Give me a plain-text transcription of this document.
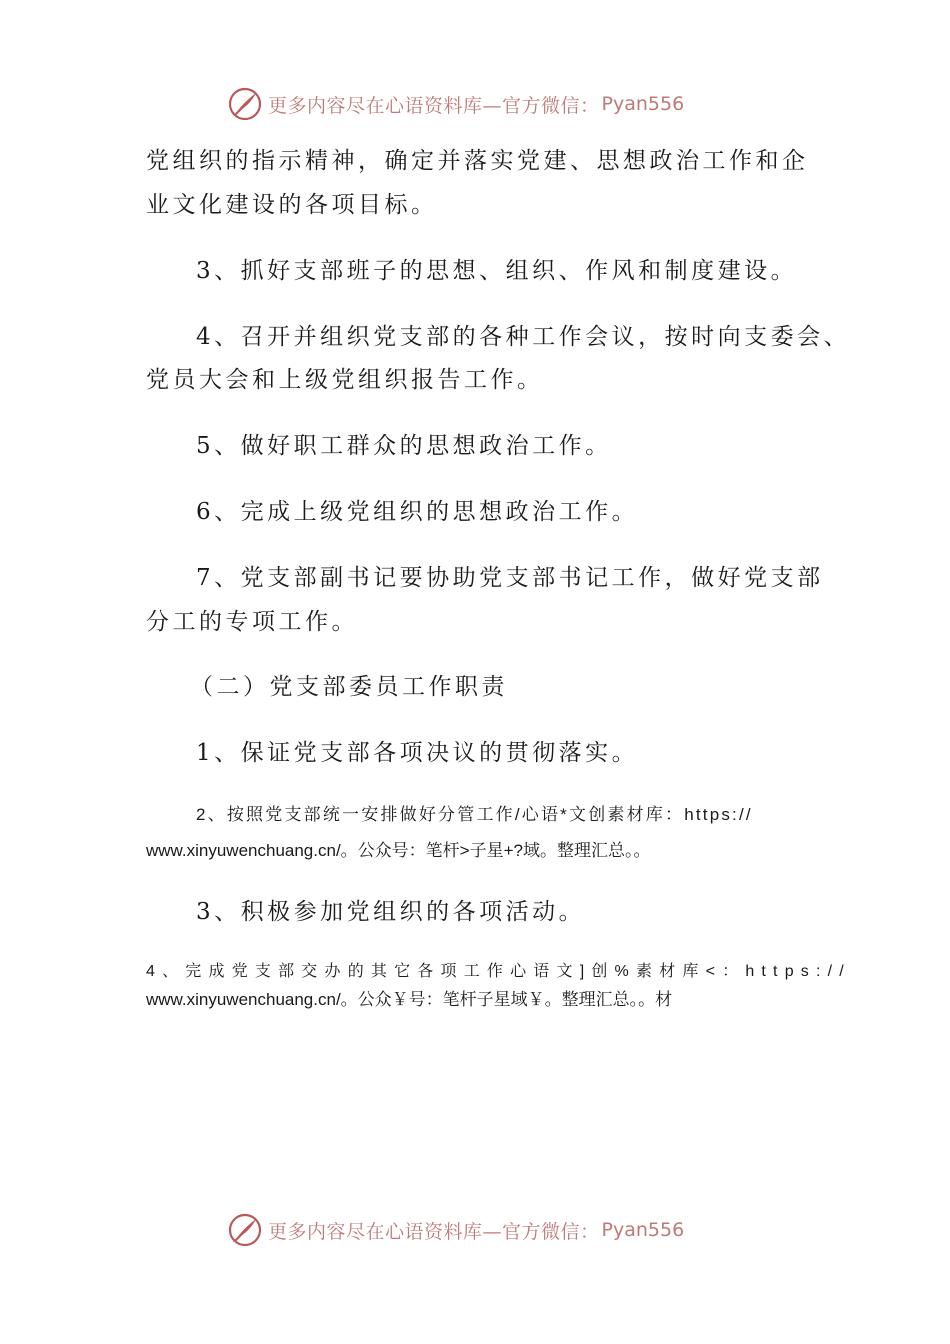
更多内容尽在心语资料库—官方微信： Pyan556
党组织的指示精神，确定并落实党建、思想政治工作和企
业文化建设的各项目标。
3、抓好支部班子的思想、组织、作风和制度建设。
4、召开并组织党支部的各种工作会议，按时向支委会、
党员大会和上级党组织报告工作。
5、做好职工群众的思想政治工作。
6、完成上级党组织的思想政治工作。
7、党支部副书记要协助党支部书记工作，做好党支部
分工的专项工作。
（二）党支部委员工作职责
1、保证党支部各项决议的贯彻落实。
2、按照党支部统一安排做好分管工作/心语*文创素材库：https://
www.xinyuwenchuang.cn/。公众号：笔杆>子星+?域。整理汇总。。
3、积极参加党组织的各项活动。
4、完成党支部交办的其它各项工作心语文]创%素材库<：https://
www.xinyuwenchuang.cn/。公众￥号：笔杆子星域￥。整理汇总。。材
更多内容尽在心语资料库—官方微信： Pyan556
